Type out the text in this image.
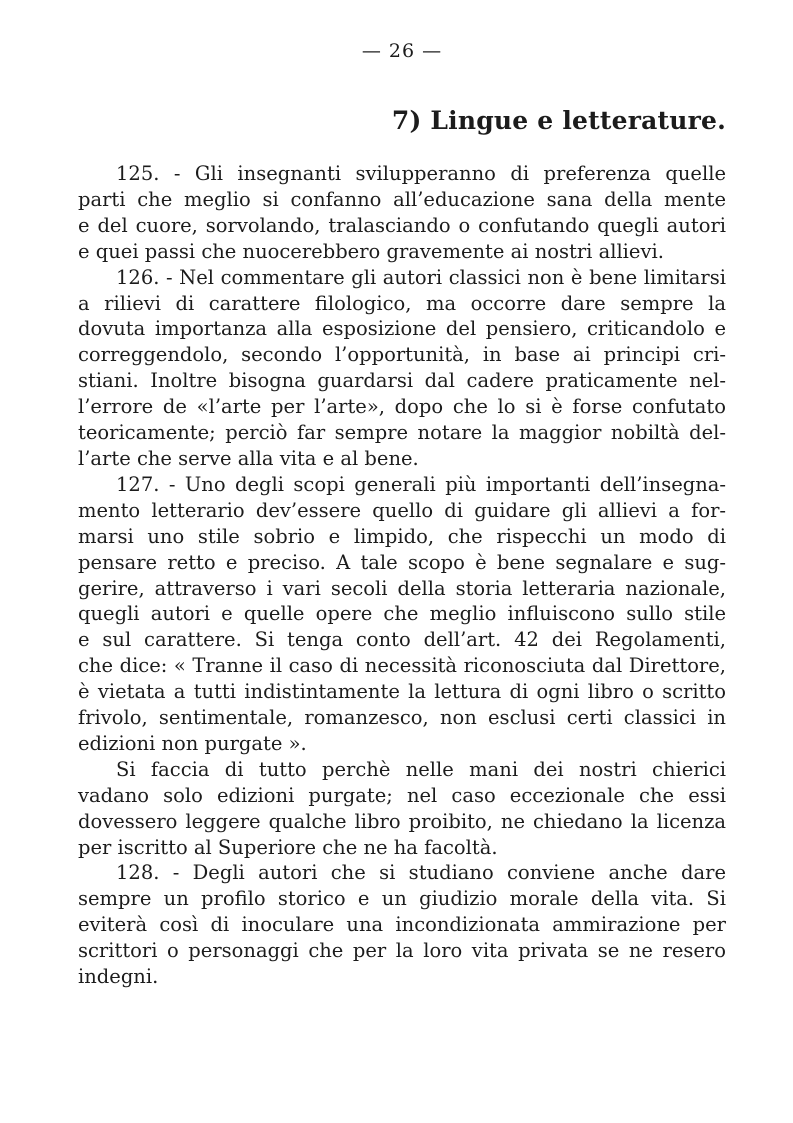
— 26 —
7) Lingue e letterature.
125. - Gli insegnanti svilupperanno di preferenza quelle
parti che meglio si confanno all’educazione sana della mente
e del cuore, sorvolando, tralasciando o confutando quegli autori
e quei passi che nuocerebbero gravemente ai nostri allievi.
126. - Nel commentare gli autori classici non è bene limitarsi
a rilievi di carattere filologico, ma occorre dare sempre la
dovuta importanza alla esposizione del pensiero, criticandolo e
correggendolo, secondo l’opportunità, in base ai principi cri-
stiani. Inoltre bisogna guardarsi dal cadere praticamente nel-
l’errore de «l’arte per l’arte», dopo che lo si è forse confutato
teoricamente; perciò far sempre notare la maggior nobiltà del-
l’arte che serve alla vita e al bene.
127. - Uno degli scopi generali più importanti dell’insegna-
mento letterario dev’essere quello di guidare gli allievi a for-
marsi uno stile sobrio e limpido, che rispecchi un modo di
pensare retto e preciso. A tale scopo è bene segnalare e sug-
gerire, attraverso i vari secoli della storia letteraria nazionale,
quegli autori e quelle opere che meglio influiscono sullo stile
e sul carattere. Si tenga conto dell’art. 42 dei Regolamenti,
che dice: « Tranne il caso di necessità riconosciuta dal Direttore,
è vietata a tutti indistintamente la lettura di ogni libro o scritto
frivolo, sentimentale, romanzesco, non esclusi certi classici in
edizioni non purgate ».
Si faccia di tutto perchè nelle mani dei nostri chierici
vadano solo edizioni purgate; nel caso eccezionale che essi
dovessero leggere qualche libro proibito, ne chiedano la licenza
per iscritto al Superiore che ne ha facoltà.
128. - Degli autori che si studiano conviene anche dare
sempre un profilo storico e un giudizio morale della vita. Si
eviterà così di inoculare una incondizionata ammirazione per
scrittori o personaggi che per la loro vita privata se ne resero
indegni.
